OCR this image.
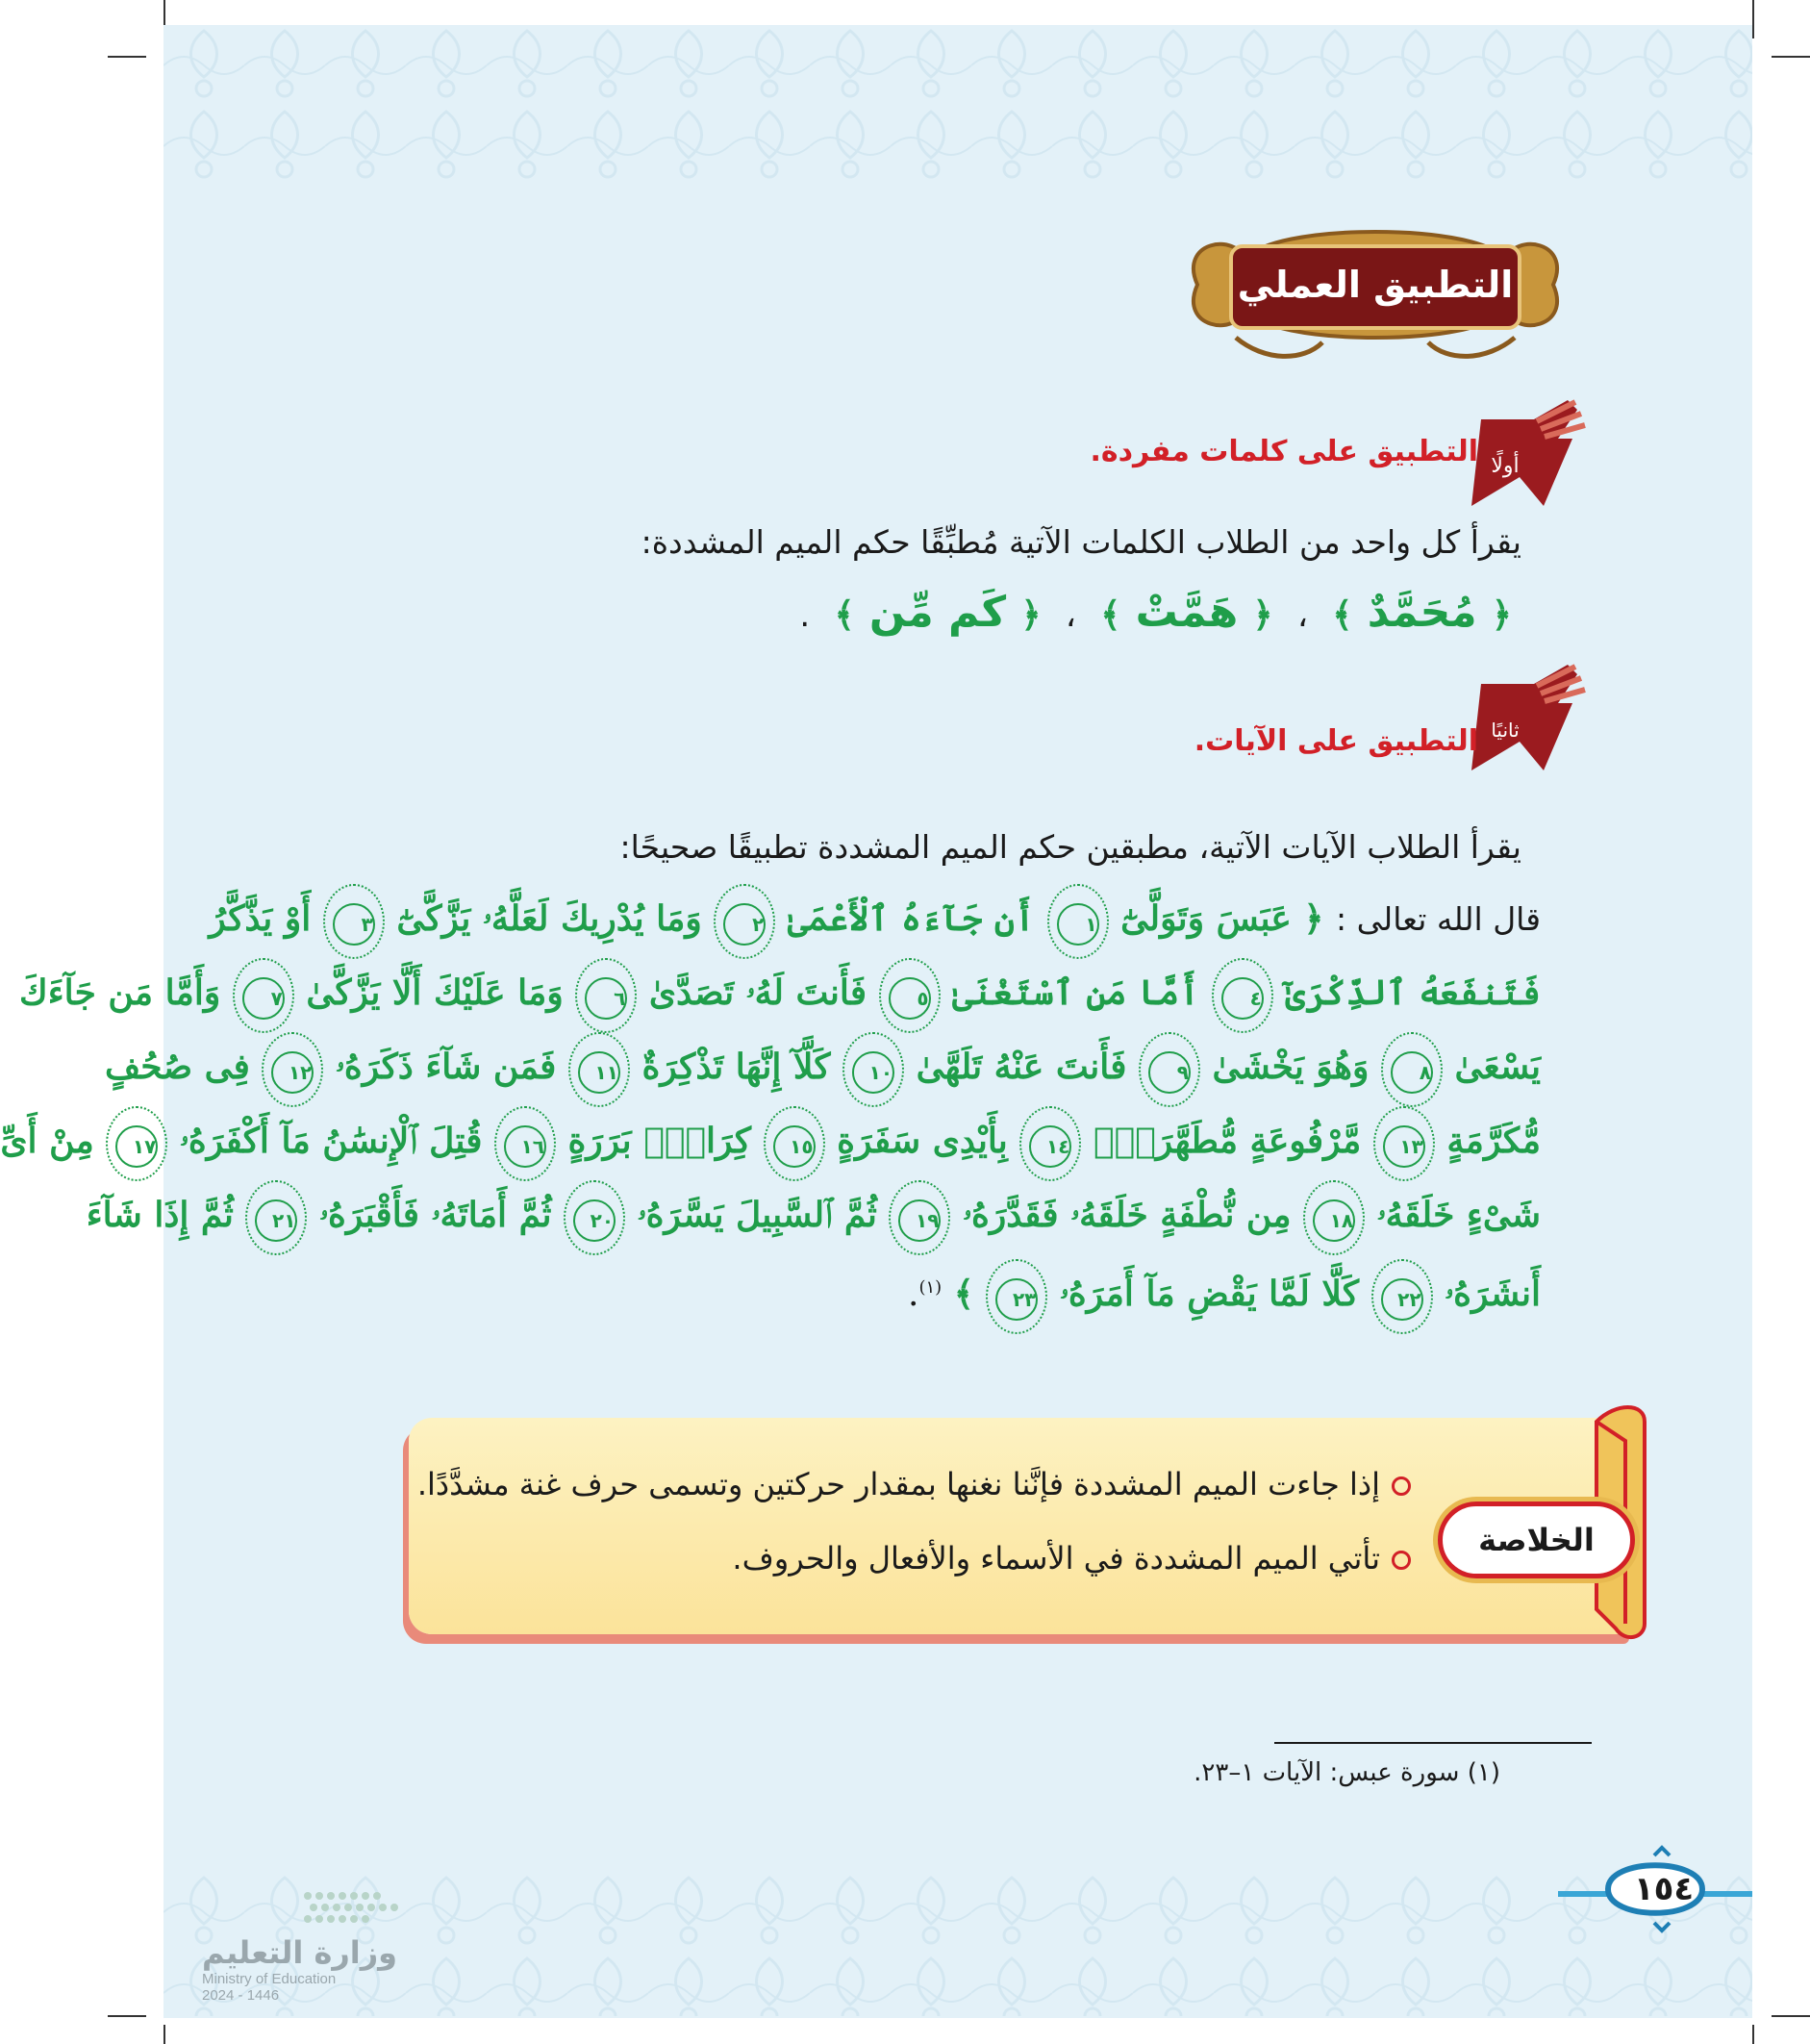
التطبيق العملي
أولًا
التطبيق على كلمات مفردة.
يقرأ كل واحد من الطلاب الكلمات الآتية مُطبِّقًا حكم الميم المشددة:
﴿ مُحَمَّدٌ ﴾ ، ﴿ هَمَّتْ ﴾ ، ﴿ كَم مِّن ﴾ .
ثانيًا
التطبيق على الآيات.
يقرأ الطلاب الآيات الآتية، مطبقين حكم الميم المشددة تطبيقًا صحيحًا:
قال الله تعالى : ﴿ عَبَسَ وَتَوَلَّىٰٓ ١ أَن جَآءَهُ ٱلْأَعْمَىٰ ٢ وَمَا يُدْرِيكَ لَعَلَّهُۥ يَزَّكَّىٰٓ ٣ أَوْ يَذَّكَّرُ
فَتَنفَعَهُ ٱلذِّكْرَىٰٓ ٤ أَمَّا مَنِ ٱسْتَغْنَىٰ ٥ فَأَنتَ لَهُۥ تَصَدَّىٰ ٦ وَمَا عَلَيْكَ أَلَّا يَزَّكَّىٰ ٧ وَأَمَّا مَن جَآءَكَ
يَسْعَىٰ ٨ وَهُوَ يَخْشَىٰ ٩ فَأَنتَ عَنْهُ تَلَهَّىٰ ١٠ كَلَّآ إِنَّهَا تَذْكِرَةٌ ١١ فَمَن شَآءَ ذَكَرَهُۥ ١٢ فِى صُحُفٍ
مُّكَرَّمَةٍ ١٣ مَّرْفُوعَةٍ مُّطَهَّرَةٍۭ ١٤ بِأَيْدِى سَفَرَةٍ ١٥ كِرَامٍۭ بَرَرَةٍ ١٦ قُتِلَ ٱلْإِنسَٰنُ مَآ أَكْفَرَهُۥ ١٧ مِنْ أَىِّ
شَىْءٍ خَلَقَهُۥ ١٨ مِن نُّطْفَةٍ خَلَقَهُۥ فَقَدَّرَهُۥ ١٩ ثُمَّ ٱلسَّبِيلَ يَسَّرَهُۥ ٢٠ ثُمَّ أَمَاتَهُۥ فَأَقْبَرَهُۥ ٢١ ثُمَّ إِذَا شَآءَ
أَنشَرَهُۥ ٢٢ كَلَّا لَمَّا يَقْضِ مَآ أَمَرَهُۥ ٢٣ ﴾ $^{(١)}$.
الخلاصة
إذا جاءت الميم المشددة فإنَّنا نغنها بمقدار حركتين وتسمى حرف غنة مشدَّدًا.
تأتي الميم المشددة في الأسماء والأفعال والحروف.
(١) سورة عبس: الآيات ١–٢٣.
١٥٤
وزارة التعليم
Ministry of Education
2024 - 1446
